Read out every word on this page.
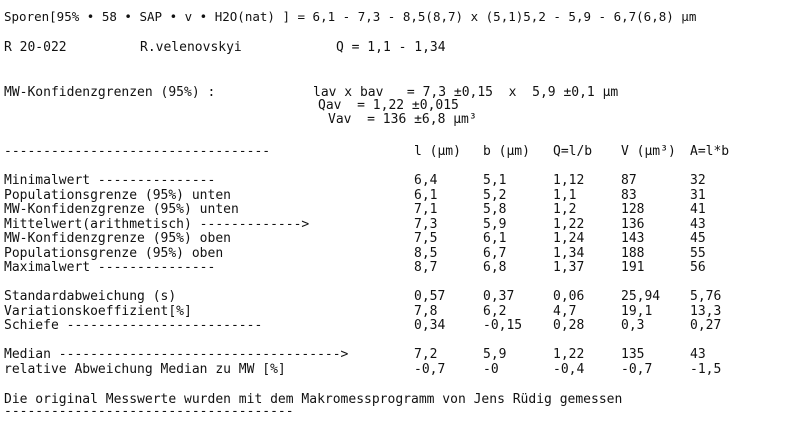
Sporen[95% • 58 • SAP • v • H2O(nat) ] = 6,1 - 7,3 - 8,5(8,7) x (5,1)5,2 - 5,9 - 6,7(6,8) µm
R 20-022	R.velenovskyi	Q = 1,1 - 1,34
MW-Konfidenzgrenzen (95%) :	lav x bav   = 7,3 ±0,15  x  5,9 ±0,1 µm
Qav  = 1,22 ±0,015
Vav  = 136 ±6,8 µm³
----------------------------------	l (µm) b (µm) Q=l/b V (µm³) A=l*b
Minimalwert ---------------	6,4	5,1	1,12	87	32
Populationsgrenze (95%) unten	6,1	5,2	1,1	83	31
MW-Konfidenzgrenze (95%) unten	7,1	5,8	1,2	128	41
Mittelwert(arithmetisch) ------------->	7,3	5,9	1,22	136	43
MW-Konfidenzgrenze (95%) oben	7,5	6,1	1,24	143	45
Populationsgrenze (95%) oben	8,5	6,7	1,34	188	55
Maximalwert ---------------	8,7	6,8	1,37	191	56
Standardabweichung (s)	0,57	0,37	0,06	25,94 5,76
Variationskoeffizient[%]	7,8	6,2	4,7	19,1	13,3
Schiefe -------------------------	0,34	-0,15 0,28	0,3	0,27
Median ------------------------------------>	7,2	5,9	1,22	135	43
relative Abweichung Median zu MW [%]	-0,7	-0	-0,4	-0,7	-1,5
Die original Messwerte wurden mit dem Makromessprogramm von Jens Rüdig gemessen
-------------------------------------
